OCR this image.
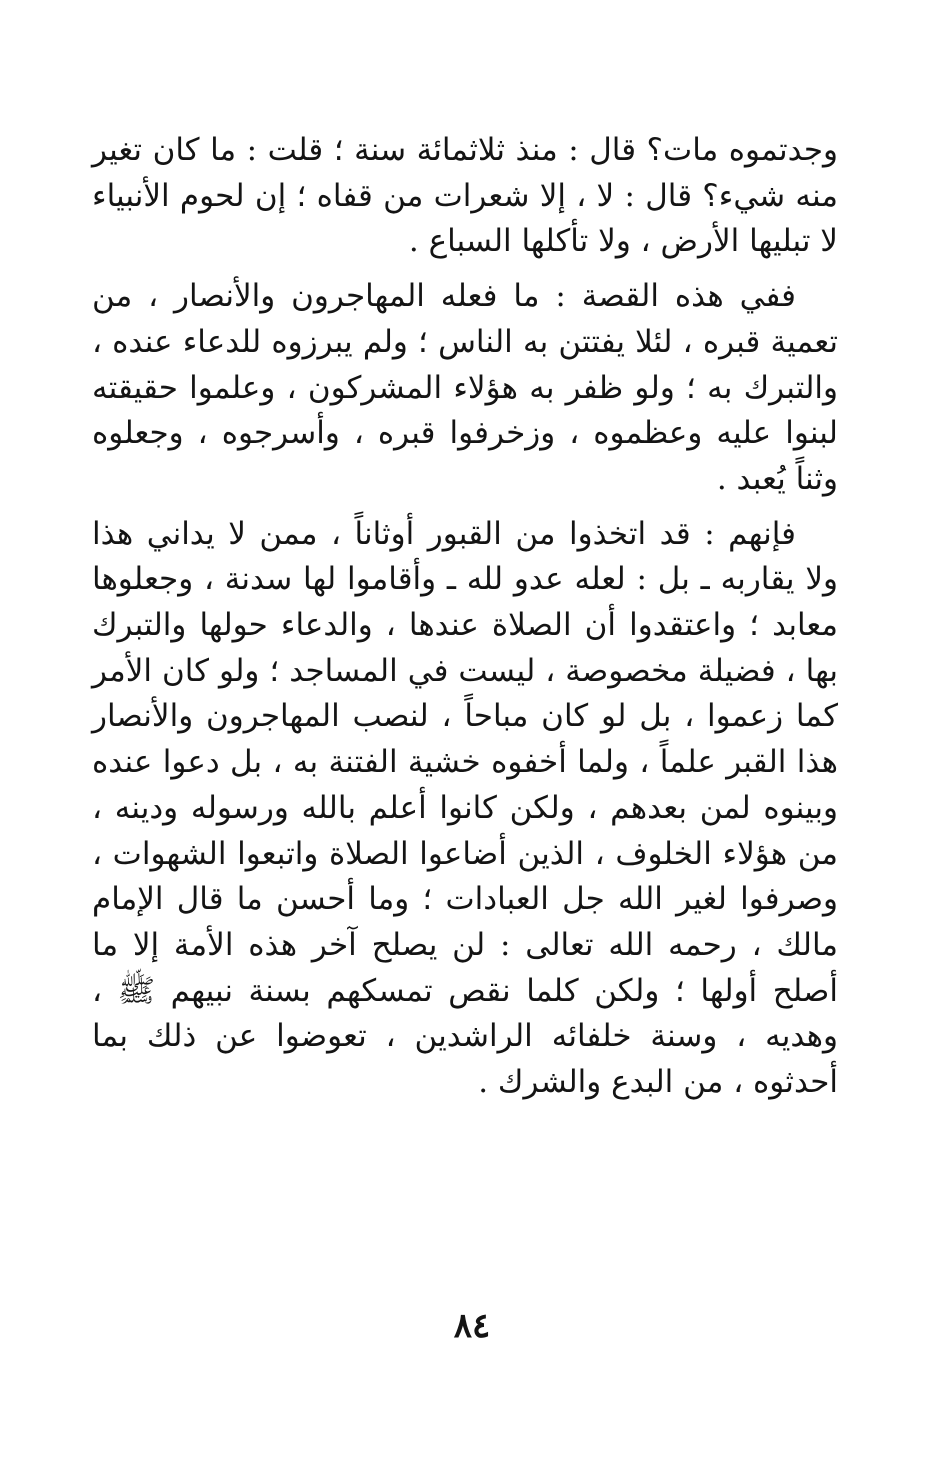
وجدتموه مات؟ قال : منذ ثلاثمائة سنة ؛ قلت : ما كان تغير منه شيء؟ قال : لا ، إلا شعرات من قفاه ؛ إن لحوم الأنبياء لا تبليها الأرض ، ولا تأكلها السباع .

ففي هذه القصة : ما فعله المهاجرون والأنصار ، من تعمية قبره ، لئلا يفتتن به الناس ؛ ولم يبرزوه للدعاء عنده ، والتبرك به ؛ ولو ظفر به هؤلاء المشركون ، وعلموا حقيقته لبنوا عليه وعظموه ، وزخرفوا قبره ، وأسرجوه ، وجعلوه وثناً يُعبد .

فإنهم : قد اتخذوا من القبور أوثاناً ، ممن لا يداني هذا ولا يقاربه ـ بل : لعله عدو لله ـ وأقاموا لها سدنة ، وجعلوها معابد ؛ واعتقدوا أن الصلاة عندها ، والدعاء حولها والتبرك بها ، فضيلة مخصوصة ، ليست في المساجد ؛ ولو كان الأمر كما زعموا ، بل لو كان مباحاً ، لنصب المهاجرون والأنصار هذا القبر علماً ، ولما أخفوه خشية الفتنة به ، بل دعوا عنده وبينوه لمن بعدهم ، ولكن كانوا أعلم بالله ورسوله ودينه ، من هؤلاء الخلوف ، الذين أضاعوا الصلاة واتبعوا الشهوات ، وصرفوا لغير الله جل العبادات ؛ وما أحسن ما قال الإمام مالك ، رحمه الله تعالى : لن يصلح آخر هذه الأمة إلا ما أصلح أولها ؛ ولكن كلما نقص تمسكهم بسنة نبيهم ﷺ ، وهديه ، وسنة خلفائه الراشدين ، تعوضوا عن ذلك بما أحدثوه ، من البدع والشرك .

٨٤
